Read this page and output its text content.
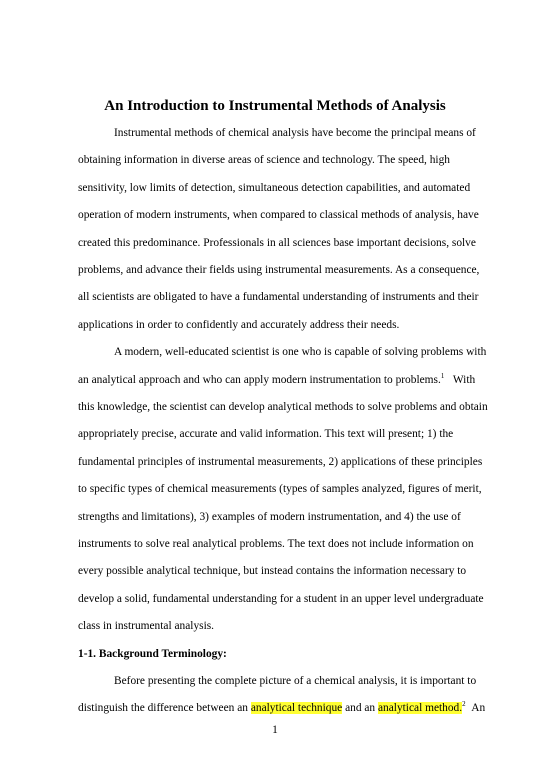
An Introduction to Instrumental Methods of Analysis
Instrumental methods of chemical analysis have become the principal means of
obtaining information in diverse areas of science and technology. The speed, high
sensitivity, low limits of detection, simultaneous detection capabilities, and automated
operation of modern instruments, when compared to classical methods of analysis, have
created this predominance. Professionals in all sciences base important decisions, solve
problems, and advance their fields using instrumental measurements. As a consequence,
all scientists are obligated to have a fundamental understanding of instruments and their
applications in order to confidently and accurately address their needs.
A modern, well-educated scientist is one who is capable of solving problems with
an analytical approach and who can apply modern instrumentation to problems.$^1$ With
this knowledge, the scientist can develop analytical methods to solve problems and obtain
appropriately precise, accurate and valid information. This text will present; 1) the
fundamental principles of instrumental measurements, 2) applications of these principles
to specific types of chemical measurements (types of samples analyzed, figures of merit,
strengths and limitations), 3) examples of modern instrumentation, and 4) the use of
instruments to solve real analytical problems. The text does not include information on
every possible analytical technique, but instead contains the information necessary to
develop a solid, fundamental understanding for a student in an upper level undergraduate
class in instrumental analysis.
1-1. Background Terminology:
Before presenting the complete picture of a chemical analysis, it is important to
distinguish the difference between an analytical technique and an analytical method.$^2$  An
1
